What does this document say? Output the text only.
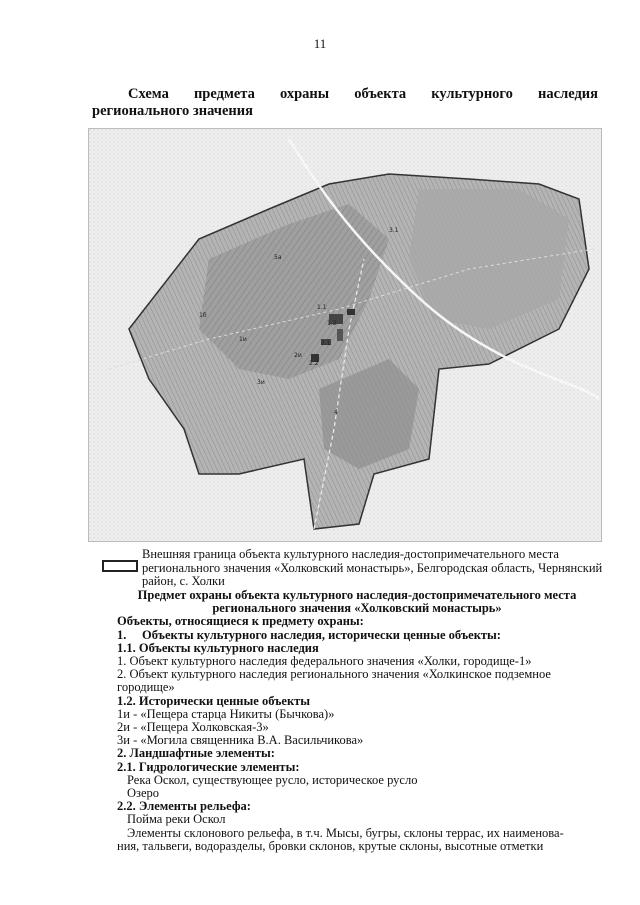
11
Схема предмета охраны объекта культурного наследия
регионального значения
1и
2и
3и
1.1
1.2
2.1
2.2
3.1
4
5а
1б
Внешняя граница объекта культурного наследия-достопримечательного места регионального значения «Холковский монастырь», Белгородская область, Чернянский район, с. Холки

Предмет охраны объекта культурного наследия-достопримечательного места

регионального значения «Холковский монастырь»

Объекты, относящиеся к предмету охраны:

1.     Объекты культурного наследия, исторически ценные объекты:

1.1. Объекты культурного наследия

1. Объект культурного наследия федерального значения «Холки, городище-1»

2. Объект культурного наследия регионального значения «Холкинское подземное городище»

1.2. Исторически ценные объекты

1и - «Пещера старца Никиты (Бычкова)»

2и - «Пещера Холковская-3»

3и - «Могила священника В.А. Васильчикова»

2. Ландшафтные элементы:

2.1. Гидрологические элементы:

Река Оскол, существующее русло, историческое русло

Озеро

2.2. Элементы рельефа:

Пойма реки Оскол

Элементы склонового рельефа, в т.ч. Мысы, бугры, склоны террас, их наименова-

ния, тальвеги, водоразделы, бровки склонов, крутые склоны, высотные отметки
